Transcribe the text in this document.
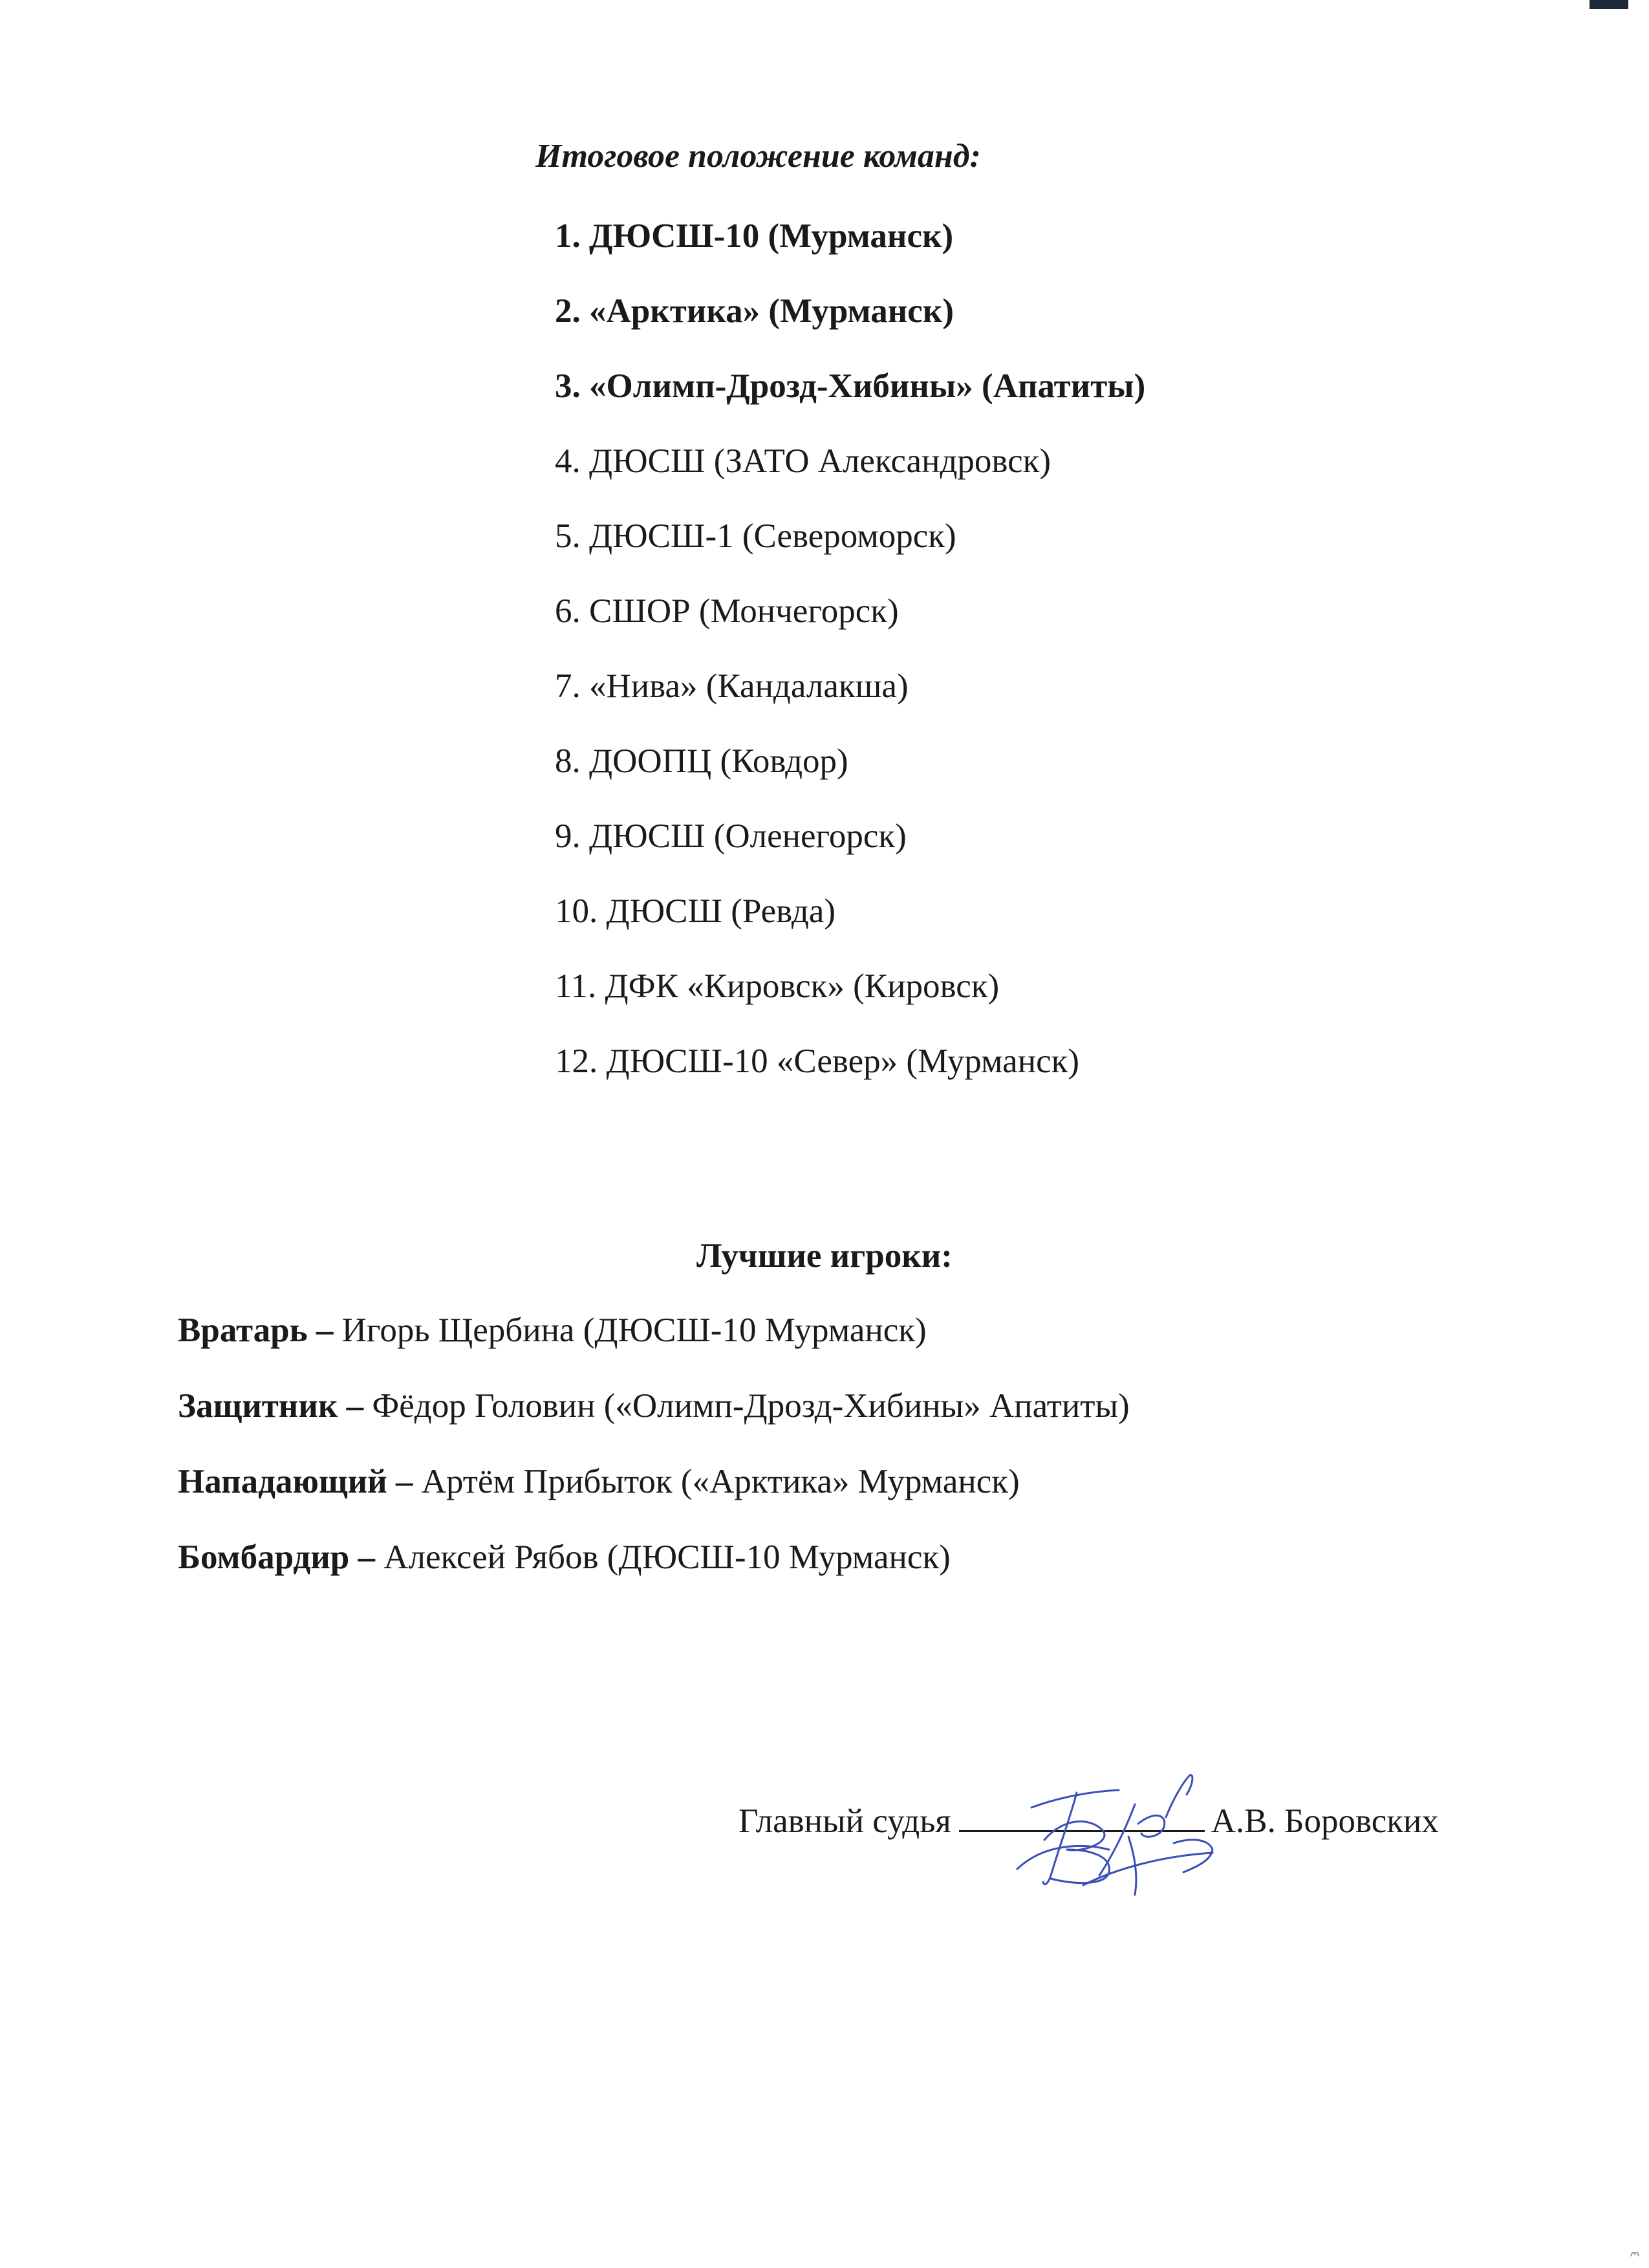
Итоговое положение команд:
1. ДЮСШ-10 (Мурманск)
2. «Арктика» (Мурманск)
3. «Олимп-Дрозд-Хибины» (Апатиты)
4. ДЮСШ (ЗАТО Александровск)
5. ДЮСШ-1 (Североморск)
6. СШОР (Мончегорск)
7. «Нива» (Кандалакша)
8. ДООПЦ (Ковдор)
9. ДЮСШ (Оленегорск)
10. ДЮСШ (Ревда)
11. ДФК «Кировск» (Кировск)
12. ДЮСШ-10 «Север» (Мурманск)
Лучшие игроки:
Вратарь – Игорь Щербина (ДЮСШ-10 Мурманск)
Защитник – Фёдор Головин («Олимп-Дрозд-Хибины» Апатиты)
Нападающий – Артём Прибыток («Арктика» Мурманск)
Бомбардир – Алексей Рябов (ДЮСШ-10 Мурманск)
Главный судья	А.В. Боровских
